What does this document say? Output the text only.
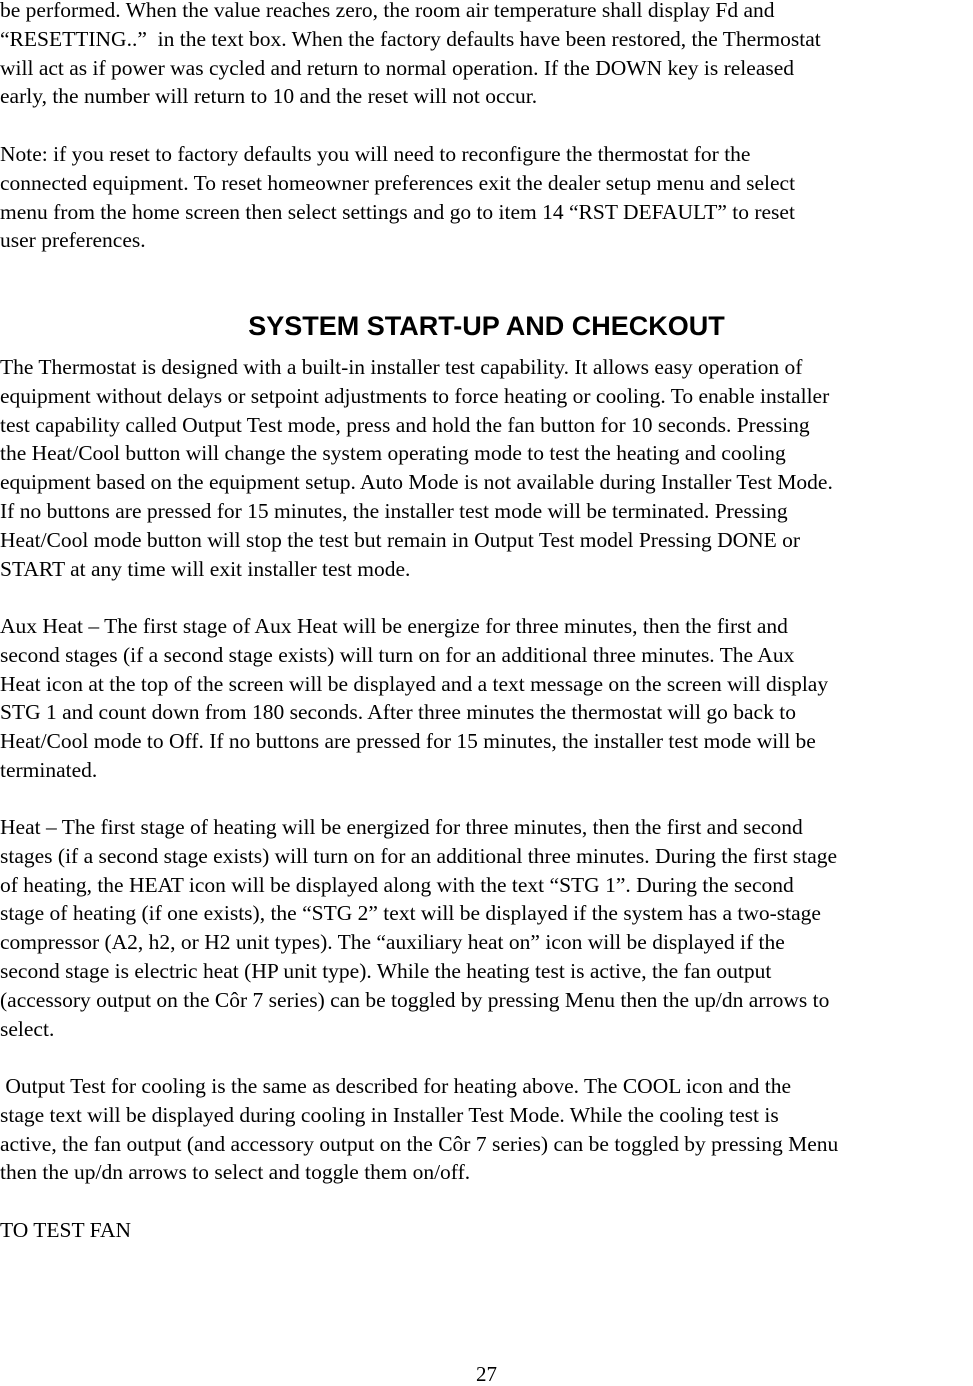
be performed. When the value reaches zero, the room air temperature shall display Fd and
“RESETTING..”  in the text box. When the factory defaults have been restored, the Thermostat
will act as if power was cycled and return to normal operation. If the DOWN key is released
early, the number will return to 10 and the reset will not occur.

Note: if you reset to factory defaults you will need to reconfigure the thermostat for the
connected equipment. To reset homeowner preferences exit the dealer setup menu and select
menu from the home screen then select settings and go to item 14 “RST DEFAULT” to reset
user preferences.

SYSTEM START-UP AND CHECKOUT

The Thermostat is designed with a built-in installer test capability. It allows easy operation of
equipment without delays or setpoint adjustments to force heating or cooling. To enable installer
test capability called Output Test mode, press and hold the fan button for 10 seconds. Pressing
the Heat/Cool button will change the system operating mode to test the heating and cooling
equipment based on the equipment setup. Auto Mode is not available during Installer Test Mode.
If no buttons are pressed for 15 minutes, the installer test mode will be terminated. Pressing
Heat/Cool mode button will stop the test but remain in Output Test model Pressing DONE or
START at any time will exit installer test mode.

Aux Heat – The first stage of Aux Heat will be energize for three minutes, then the first and
second stages (if a second stage exists) will turn on for an additional three minutes. The Aux
Heat icon at the top of the screen will be displayed and a text message on the screen will display
STG 1 and count down from 180 seconds. After three minutes the thermostat will go back to
Heat/Cool mode to Off. If no buttons are pressed for 15 minutes, the installer test mode will be
terminated.

Heat – The first stage of heating will be energized for three minutes, then the first and second
stages (if a second stage exists) will turn on for an additional three minutes. During the first stage
of heating, the HEAT icon will be displayed along with the text “STG 1”. During the second
stage of heating (if one exists), the “STG 2” text will be displayed if the system has a two-stage
compressor (A2, h2, or H2 unit types). The “auxiliary heat on” icon will be displayed if the
second stage is electric heat (HP unit type). While the heating test is active, the fan output
(accessory output on the Côr 7 series) can be toggled by pressing Menu then the up/dn arrows to
select.

Output Test for cooling is the same as described for heating above. The COOL icon and the
stage text will be displayed during cooling in Installer Test Mode. While the cooling test is
active, the fan output (and accessory output on the Côr 7 series) can be toggled by pressing Menu
then the up/dn arrows to select and toggle them on/off.

TO TEST FAN

27
